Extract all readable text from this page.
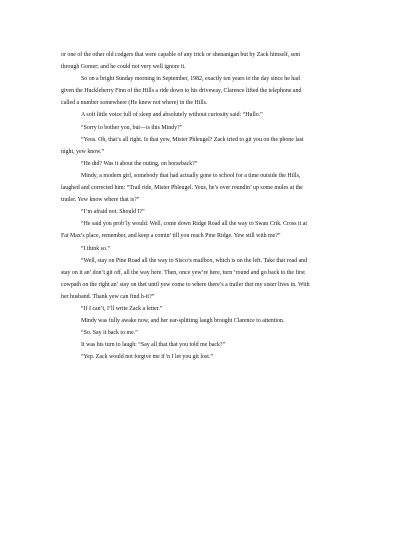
or one of the other old codgers that were capable of any trick or shenanigan but by Zack himself, sent
through Gomer; and he could not very well ignore it.
So on a bright Sunday morning in September, 1982, exactly ten years to the day since he had
given the Huckleberry Finn of the Hills a ride down to his driveway, Clarence lifted the telephone and
called a number somewhere (He knew not where) in the Hills.
A soft little voice full of sleep and absolutely without curiosity said: “Hullo.”
“Sorry to bother you, but—is this Mindy?”
“Yeus. Oh, that’s all right. Is that yew, Mister Phleugel? Zack tried to git you on the phone last
night, yew know.”
“He did? Was it about the outing, on horseback?”
Mindy, a modern girl, somebody that had actually gone to school for a time outside the Hills,
laughed and corrected him: “Trail ride, Mister Phleugel. Yeus, he’s over roundin’ up some mules at the
trailer. Yew know where that is?”
“I’m afraid not. Should I?”
“He said you prob’ly would. Well, come down Ridge Road all the way to Swan Crik. Cross it at
Fat Max’s place, remember, and keep a comin’ till you reach Pine Ridge. Yew still with me?”
“I think so.”
“Well, stay on Pine Road all the way to Sisco’s mailbox, which is on the left. Take that road and
stay on it an’ don’t git off, all the way here. Then, once yew’re here, turn ’round and go back to the first
cowpath on the right an’ stay on thet until yew come to where there’s a trailer thet my sister lives in. With
her husband. Thank yew can find h-it?”
“If I can’t, I’ll write Zack a letter.”
Mindy was fully awake now, and her ear-splitting laugh brought Clarence to attention.
“So. Say it back to me.”
It was his turn to laugh: “Say all that that you told me back?”
“Yep. Zack would not forgive me if’n I let you git lost.”
